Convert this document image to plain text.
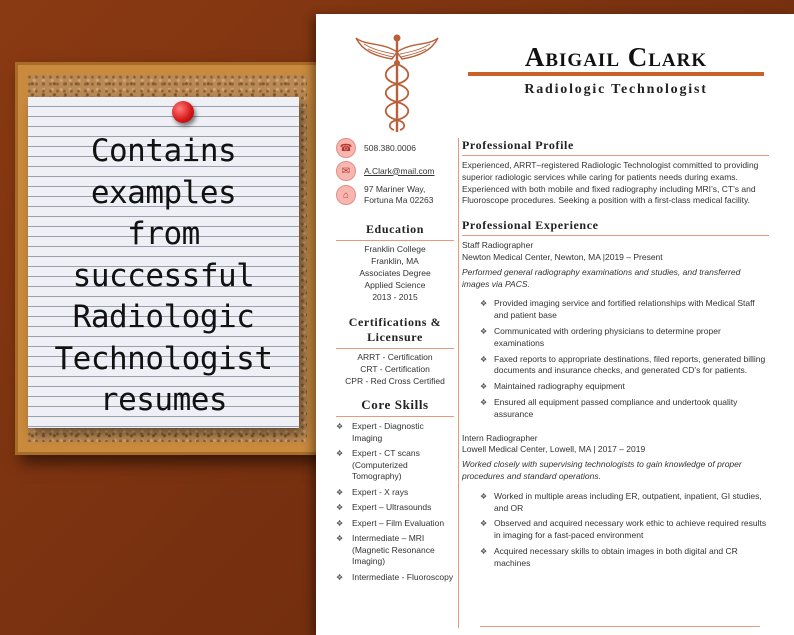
Contains
examples
from
successful
Radiologic
Technologist
resumes
Abigail Clark
Radiologic Technologist
☎	508.380.0006
✉	A.Clark@mail.com
⌂
97 Mariner Way,
Fortuna Ma 02263
Education
Franklin College
Franklin, MA
Associates Degree
Applied Science
2013 - 2015
Certifications &
Licensure
ARRT - Certification
CRT - Certification
CPR - Red Cross Certified
Core Skills
❖	Expert - Diagnostic Imaging
❖	Expert - CT scans (Computerized Tomography)
❖	Expert - X rays
❖	Expert – Ultrasounds
❖	Expert – Film Evaluation
❖	Intermediate – MRI (Magnetic Resonance Imaging)
❖	Intermediate - Fluoroscopy
Professional Profile
Experienced, ARRT–registered Radiologic Technologist committed to providing superior radiologic services while caring for patients needs during exams. Experienced with both mobile and fixed radiography including MRI’s, CT’s and Fluoroscope procedures. Seeking a position with a first-class medical facility.
Professional Experience
Staff Radiographer
Newton Medical Center, Newton, MA |2019 – Present
Performed general radiography examinations and studies, and transferred images via PACS.
❖ Provided imaging service and fortified relationships with Medical Staff and patient base
❖ Communicated with ordering physicians to determine proper examinations
❖ Faxed reports to appropriate destinations, filed reports, generated billing documents and insurance checks, and generated CD’s for patients.
❖ Maintained radiography equipment
❖ Ensured all equipment passed compliance and undertook quality assurance
Intern Radiographer
Lowell Medical Center, Lowell, MA | 2017 – 2019
Worked closely with supervising technologists to gain knowledge of proper procedures and standard operations.
❖ Worked in multiple areas including ER, outpatient, inpatient, GI studies, and OR
❖ Observed and acquired necessary work ethic to achieve required results in imaging for a fast-paced environment
❖ Acquired necessary skills to obtain images in both digital and CR machines
